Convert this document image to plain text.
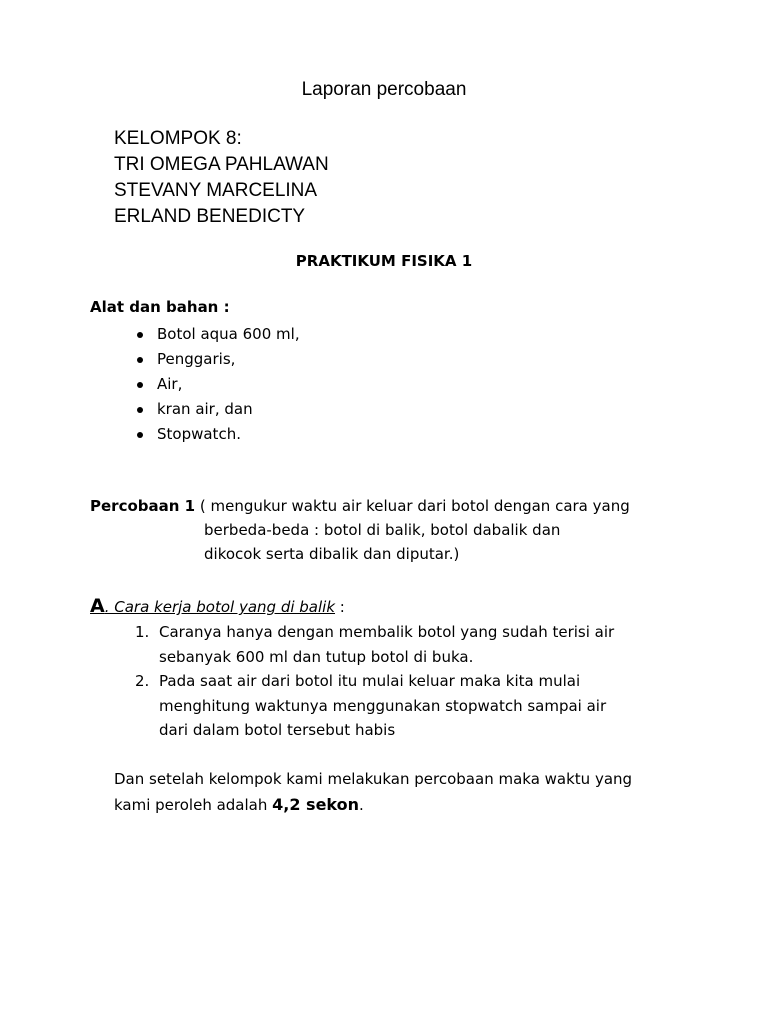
Laporan percobaan
KELOMPOK 8:
TRI OMEGA PAHLAWAN
STEVANY MARCELINA
ERLAND BENEDICTY
PRAKTIKUM FISIKA 1
Alat dan bahan :
Botol aqua 600 ml,
Penggaris,
Air,
kran air, dan
Stopwatch.
Percobaan 1 ( mengukur waktu air keluar dari botol dengan cara yang
berbeda-beda : botol di balik, botol dabalik dan
dikocok serta dibalik dan diputar.)
A. Cara kerja botol yang di balik :
1. Caranya hanya dengan membalik botol yang sudah terisi air
sebanyak 600 ml dan tutup botol di buka.
2. Pada saat air dari botol itu mulai keluar maka kita mulai
menghitung waktunya menggunakan stopwatch sampai air
dari dalam botol tersebut habis
Dan setelah kelompok kami melakukan percobaan maka waktu yang
kami peroleh adalah 4,2 sekon.
